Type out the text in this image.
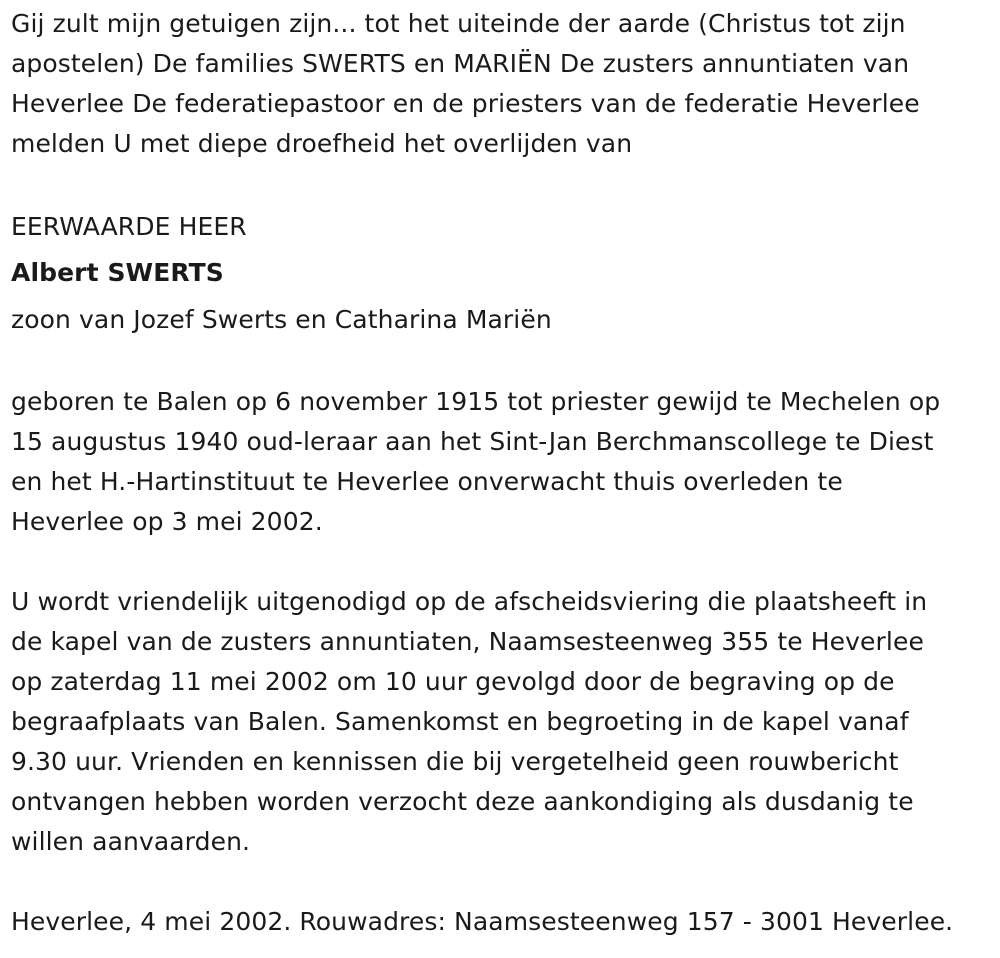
Gij zult mijn getuigen zijn... tot het uiteinde der aarde (Christus tot zijn
apostelen) De families SWERTS en MARIËN De zusters annuntiaten van
Heverlee De federatiepastoor en de priesters van de federatie Heverlee
melden U met diepe droefheid het overlijden van
EERWAARDE HEER
Albert SWERTS
zoon van Jozef Swerts en Catharina Mariën
geboren te Balen op 6 november 1915 tot priester gewijd te Mechelen op
15 augustus 1940 oud-leraar aan het Sint-Jan Berchmanscollege te Diest
en het H.-Hartinstituut te Heverlee onverwacht thuis overleden te
Heverlee op 3 mei 2002.
U wordt vriendelijk uitgenodigd op de afscheidsviering die plaatsheeft in
de kapel van de zusters annuntiaten, Naamsesteenweg 355 te Heverlee
op zaterdag 11 mei 2002 om 10 uur gevolgd door de begraving op de
begraafplaats van Balen. Samenkomst en begroeting in de kapel vanaf
9.30 uur. Vrienden en kennissen die bij vergetelheid geen rouwbericht
ontvangen hebben worden verzocht deze aankondiging als dusdanig te
willen aanvaarden.
Heverlee, 4 mei 2002. Rouwadres: Naamsesteenweg 157 - 3001 Heverlee.
